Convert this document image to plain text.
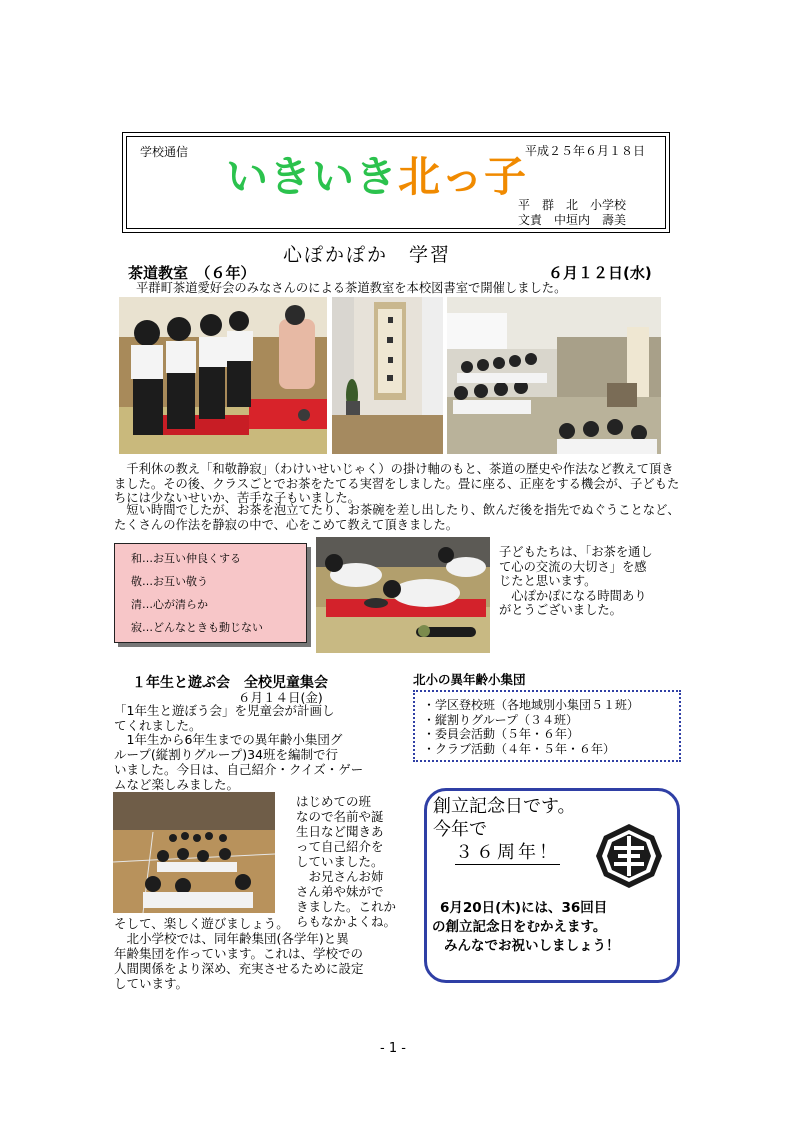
学校通信	平成２５年６月１８日
いきいき北っ子
平　群　北　小学校
文責　中垣内　壽美
心ぽかぽか　学習
茶道教室　（６年）	６月１２日(水)
平群町茶道愛好会のみなさんのによる茶道教室を本校図書室で開催しました。
　千利休の教え「和敬静寂」（わけいせいじゃく）の掛け軸のもと、茶道の歴史や作法など教えて頂きました。その後、クラスごとでお茶をたてる実習をしました。畳に座る、正座をする機会が、子どもたちには少ないせいか、苦手な子もいました。
　短い時間でしたが、お茶を泡立てたり、お茶碗を差し出したり、飲んだ後を指先でぬぐうことなど、たくさんの作法を静寂の中で、心をこめて教えて頂きました。
和…お互い仲良くする
敬…お互い敬う
清…心が清らか
寂…どんなときも動じない
子どもたちは、「お茶を通し
て心の交流の大切さ」を感
じたと思います。
　心ぽかぽになる時間あり
がとうございました。
１年生と遊ぶ会　全校児童集会
６月１４日(金)
「1年生と遊ぼう会」を児童会が計画し
てくれました。
　1年生から6年生までの異年齢小集団グ
ループ(縦割りグループ)34班を編制で行
いました。今日は、自己紹介・クイズ・ゲー
ムなど楽しみました。
はじめての班
なので名前や誕
生日など聞きあ
って自己紹介を
していました。
　お兄さんお姉
さん弟や妹がで
きました。これか
らもなかよくね。
そして、楽しく遊びましょう。
　北小学校では、同年齢集団(各学年)と異
年齢集団を作っています。これは、学校での
人間関係をより深め、充実させるために設定
しています。
北小の異年齢小集団
・学区登校班（各地域別小集団５１班）
・縦割りグループ（３４班）
・委員会活動（５年・６年）
・クラブ活動（４年・５年・６年）
創立記念日です。
今年で
３６周年！
6月20日(木)には、36回目
の創立記念日をむかえます。
みんなでお祝いしましょう！
- 1 -
